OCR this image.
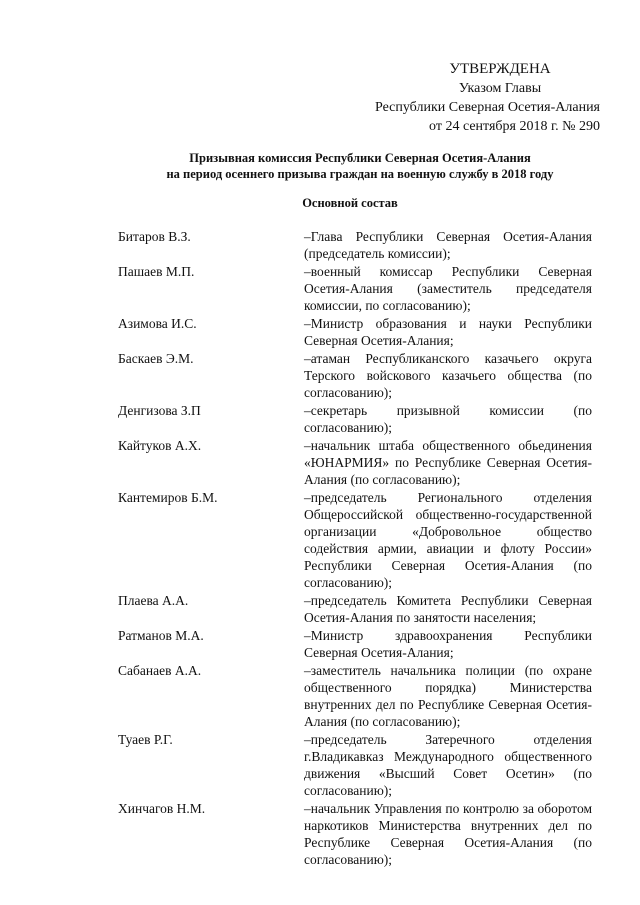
УТВЕРЖДЕНА
Указом Главы
Республики Северная Осетия-Алания
от 24 сентября 2018 г. № 290
Призывная комиссия Республики Северная Осетия-Алания
на период осеннего призыва граждан на военную службу в 2018 году
Основной состав
Битаров В.З.	–Глава Республики Северная Осетия-Алания (председатель комиссии);
Пашаев М.П.	–военный комиссар Республики Северная Осетия-Алания (заместитель председателя комиссии, по согласованию);
Азимова И.С.	–Министр образования и науки Республики Северная Осетия-Алания;
Баскаев Э.М.	–атаман Республиканского казачьего округа Терского войскового казачьего общества (по согласованию);
Денгизова З.П	–секретарь призывной комиссии (по согласованию);
Кайтуков А.Х.	–начальник штаба общественного обьединения «ЮНАРМИЯ» по Республике Северная Осетия-Алания (по согласованию);
Кантемиров Б.М.	–председатель Регионального отделения Общероссийской общественно-государственной организации «Добровольное общество содействия армии, авиации и флоту России» Республики Северная Осетия-Алания (по согласованию);
Плаева А.А.	–председатель Комитета Республики Северная Осетия-Алания по занятости населения;
Ратманов М.А.	–Министр здравоохранения Республики Северная Осетия-Алания;
Сабанаев А.А.	–заместитель начальника полиции (по охране общественного порядка) Министерства внутренних дел по Республике Северная Осетия-Алания (по согласованию);
Туаев Р.Г.	–председатель Затеречного отделения г.Владикавказ Международного общественного движения «Высший Совет Осетин» (по согласованию);
Хинчагов Н.М.	–начальник Управления по контролю за оборотом наркотиков Министерства внутренних дел по Республике Северная Осетия-Алания (по согласованию);
